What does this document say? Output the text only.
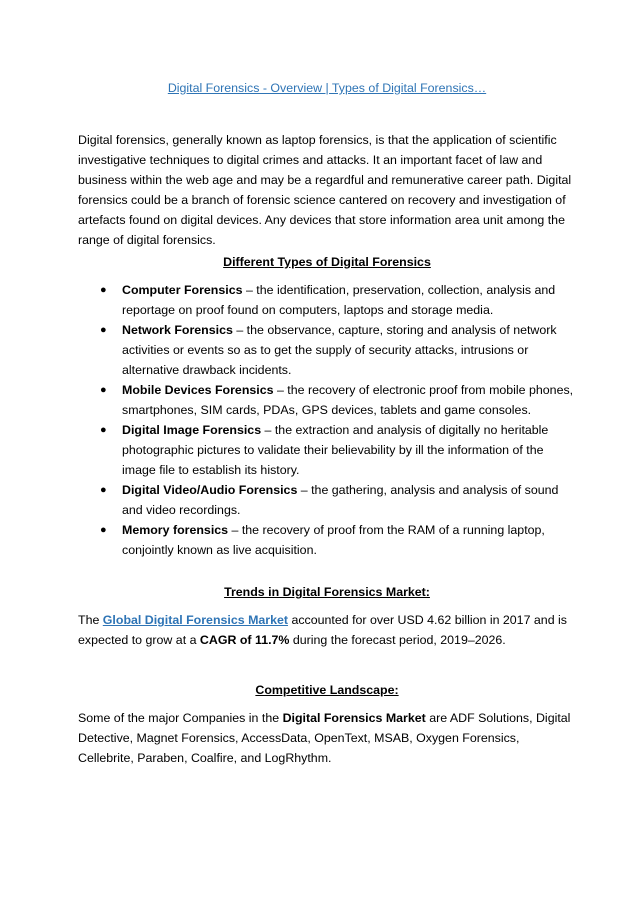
Digital Forensics - Overview | Types of Digital Forensics…

Digital forensics, generally known as laptop forensics, is that the application of scientific investigative techniques to digital crimes and attacks. It an important facet of law and business within the web age and may be a regardful and remunerative career path. Digital forensics could be a branch of forensic science cantered on recovery and investigation of artefacts found on digital devices. Any devices that store information area unit among the range of digital forensics.

Different Types of Digital Forensics
● Computer Forensics – the identification, preservation, collection, analysis and reportage on proof found on computers, laptops and storage media.
● Network Forensics – the observance, capture, storing and analysis of network activities or events so as to get the supply of security attacks, intrusions or alternative drawback incidents.
● Mobile Devices Forensics – the recovery of electronic proof from mobile phones, smartphones, SIM cards, PDAs, GPS devices, tablets and game consoles.
● Digital Image Forensics – the extraction and analysis of digitally no heritable photographic pictures to validate their believability by ill the information of the image file to establish its history.
● Digital Video/Audio Forensics – the gathering, analysis and analysis of sound and video recordings.
● Memory forensics – the recovery of proof from the RAM of a running laptop, conjointly known as live acquisition.
Trends in Digital Forensics Market:

The Global Digital Forensics Market accounted for over USD 4.62 billion in 2017 and is expected to grow at a CAGR of 11.7% during the forecast period, 2019–2026.

Competitive Landscape:

Some of the major Companies in the Digital Forensics Market are ADF Solutions, Digital Detective, Magnet Forensics, AccessData, OpenText, MSAB, Oxygen Forensics, Cellebrite, Paraben, Coalfire, and LogRhythm.
